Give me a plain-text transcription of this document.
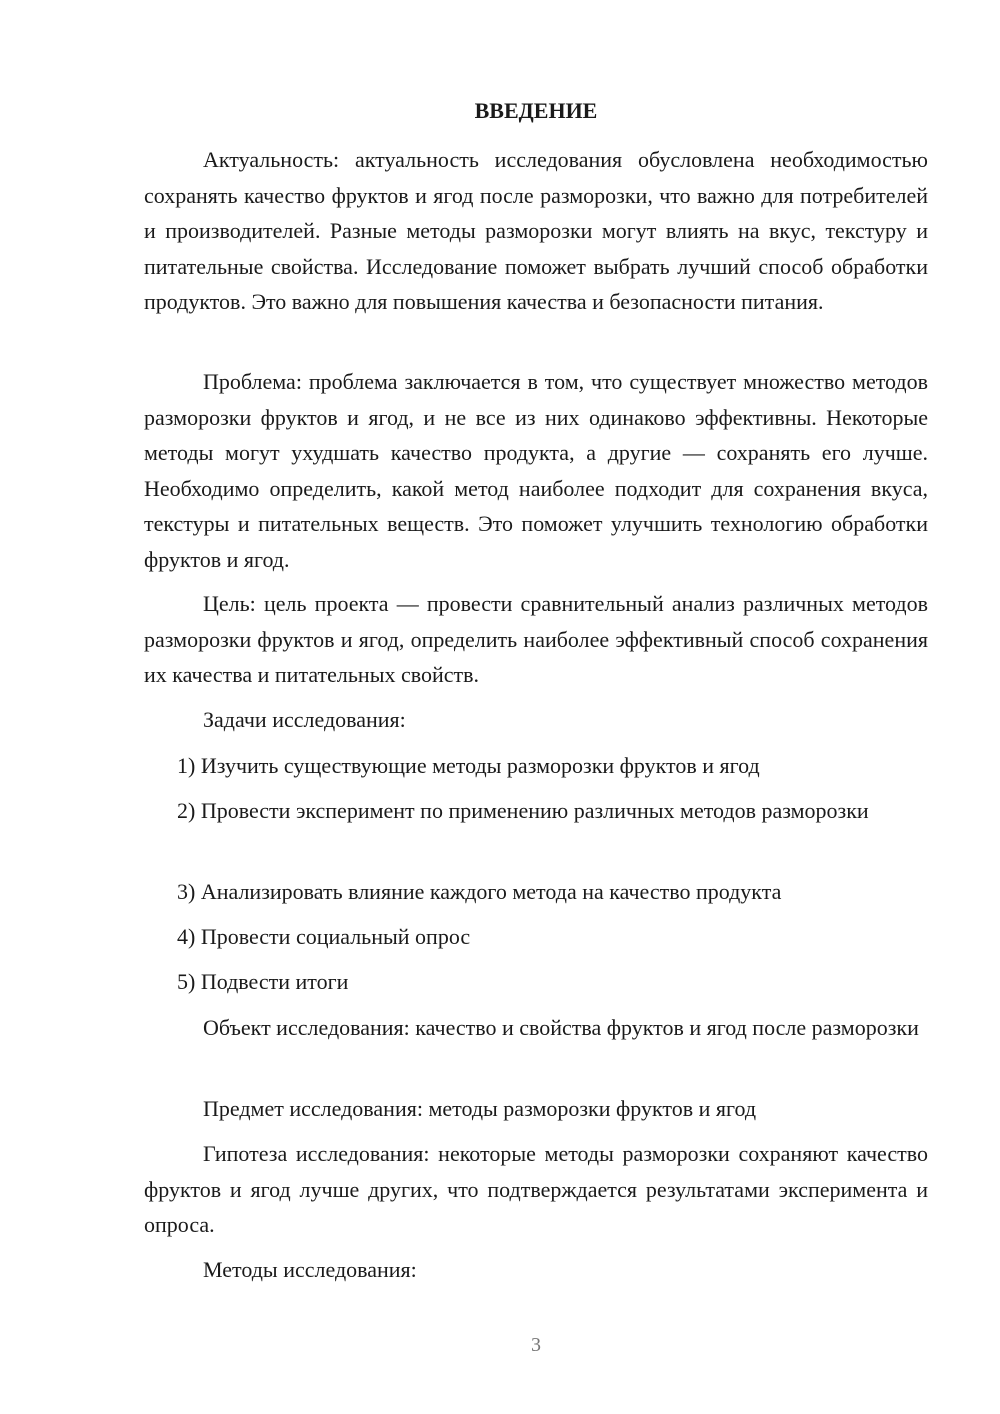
ВВЕДЕНИЕ

Актуальность: актуальность исследования обусловлена необходимостью сохранять качество фруктов и ягод после разморозки, что важно для потребителей и производителей. Разные методы разморозки могут влиять на вкус, текстуру и питательные свойства. Исследование поможет выбрать лучший способ обработки продуктов. Это важно для повышения качества и безопасности питания.

Проблема: проблема заключается в том, что существует множество методов разморозки фруктов и ягод, и не все из них одинаково эффективны. Некоторые методы могут ухудшать качество продукта, а другие — сохранять его лучше. Необходимо определить, какой метод наиболее подходит для сохранения вкуса, текстуры и питательных веществ. Это поможет улучшить технологию обработки фруктов и ягод.

Цель: цель проекта — провести сравнительный анализ различных методов разморозки фруктов и ягод, определить наиболее эффективный способ сохранения их качества и питательных свойств.

Задачи исследования:

1) Изучить существующие методы разморозки фруктов и ягод

2) Провести эксперимент по применению различных методов разморозки

3) Анализировать влияние каждого метода на качество продукта

4) Провести социальный опрос

5) Подвести итоги

Объект исследования: качество и свойства фруктов и ягод после разморозки

Предмет исследования: методы разморозки фруктов и ягод

Гипотеза исследования: некоторые методы разморозки сохраняют качество фруктов и ягод лучше других, что подтверждается результатами эксперимента и опроса.

Методы исследования:

3
